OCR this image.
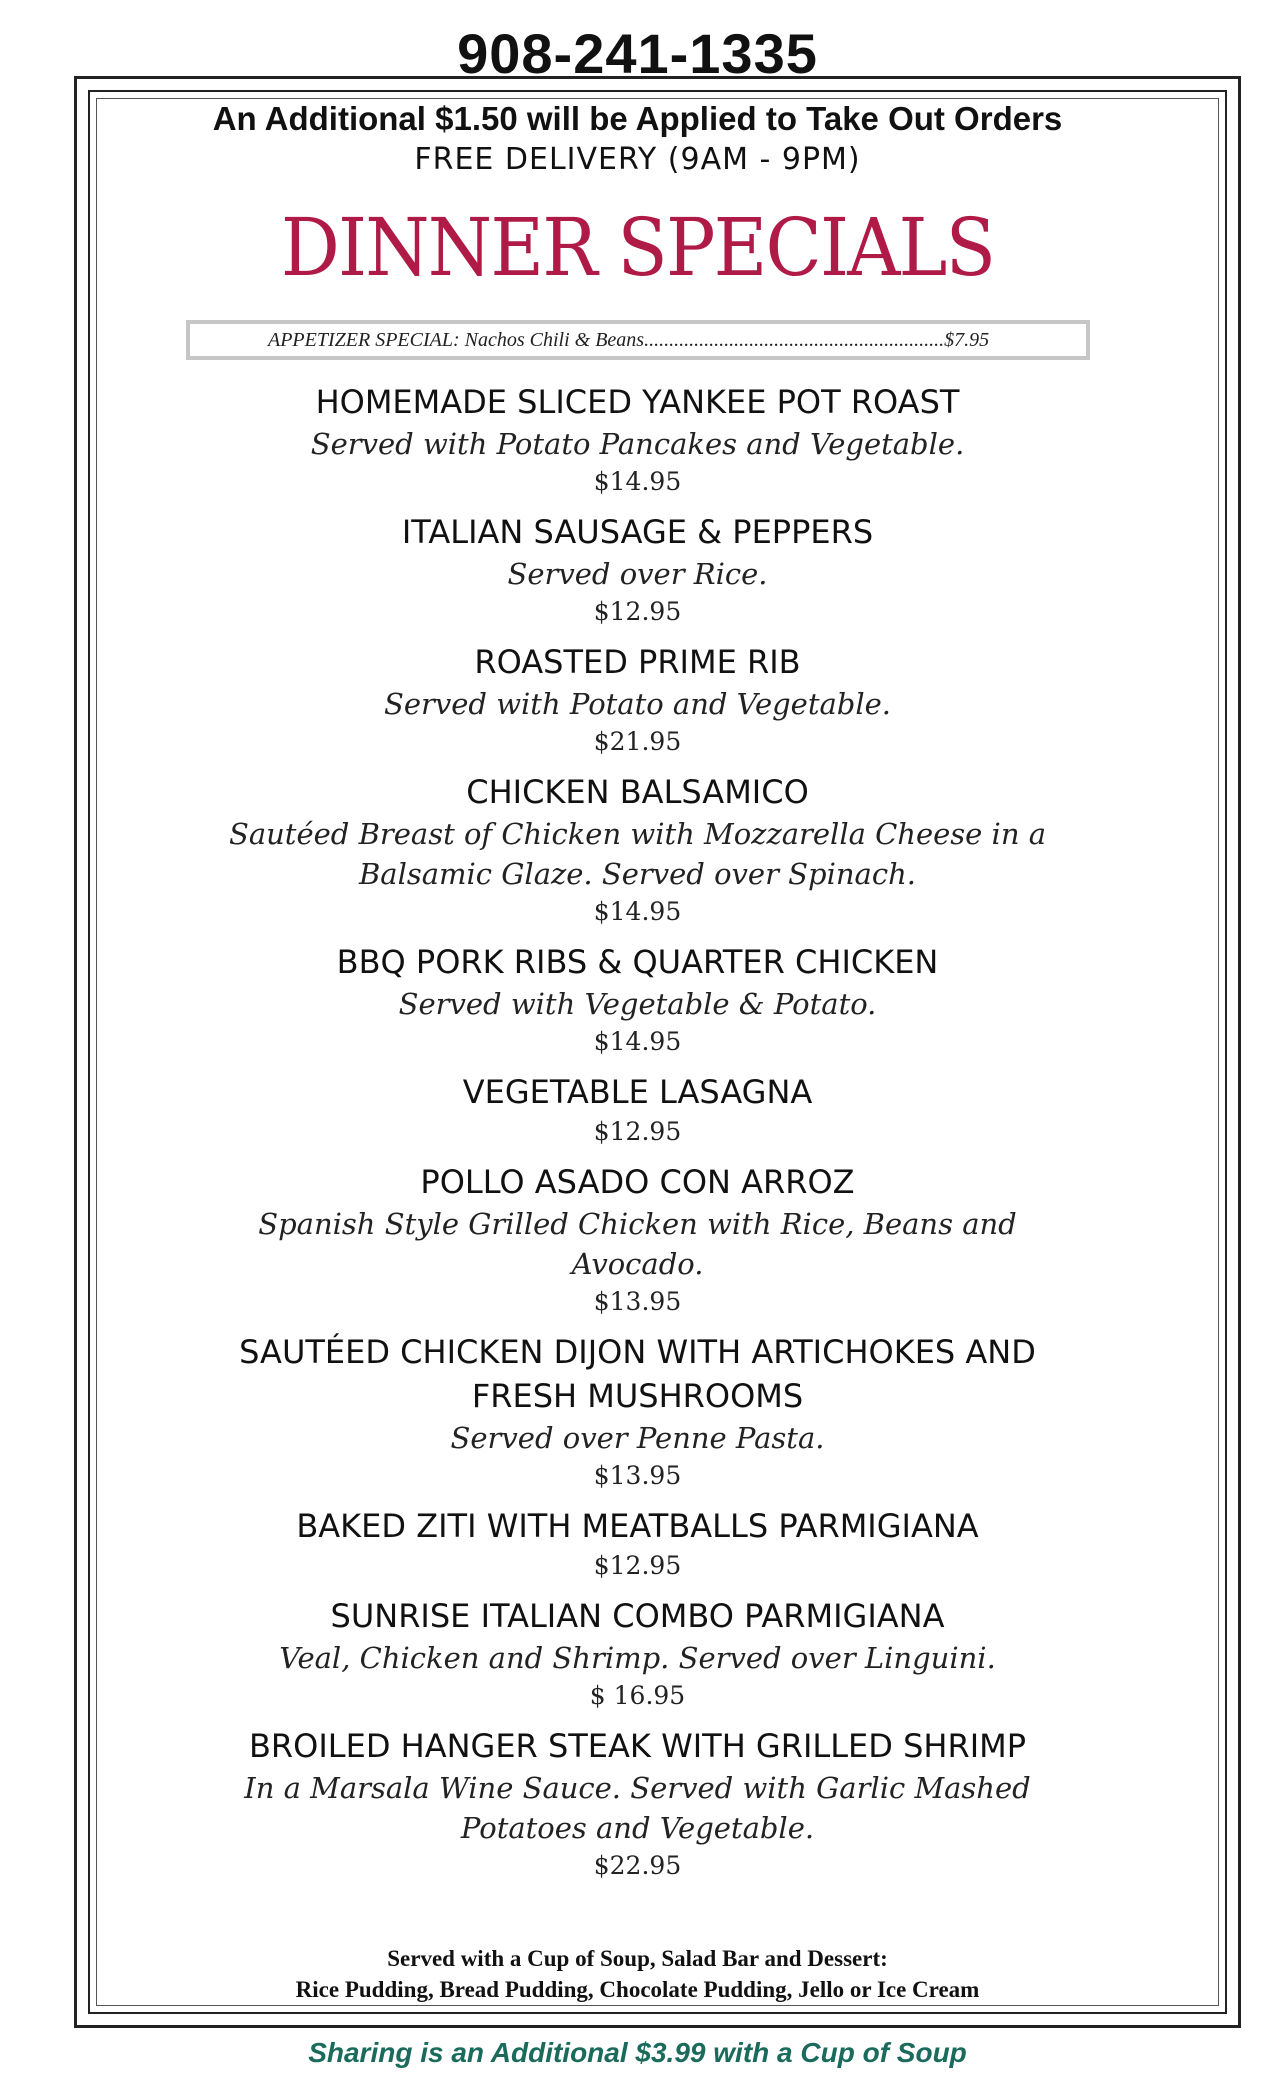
908-241-1335
An Additional $1.50 will be Applied to Take Out Orders
FREE DELIVERY (9AM - 9PM)
DINNER SPECIALS
APPETIZER SPECIAL: Nachos Chili & Beans............................................................$7.95
HOMEMADE SLICED YANKEE POT ROAST
Served with Potato Pancakes and Vegetable.
$14.95
ITALIAN SAUSAGE & PEPPERS
Served over Rice.
$12.95
ROASTED PRIME RIB
Served with Potato and Vegetable.
$21.95
CHICKEN BALSAMICO
Sautéed Breast of Chicken with Mozzarella Cheese in a Balsamic Glaze. Served over Spinach.
$14.95
BBQ PORK RIBS & QUARTER CHICKEN
Served with Vegetable & Potato.
$14.95
VEGETABLE LASAGNA
$12.95
POLLO ASADO CON ARROZ
Spanish Style Grilled Chicken with Rice, Beans and Avocado.
$13.95
SAUTÉED CHICKEN DIJON WITH ARTICHOKES AND FRESH MUSHROOMS
Served over Penne Pasta.
$13.95
BAKED ZITI WITH MEATBALLS PARMIGIANA
$12.95
SUNRISE ITALIAN COMBO PARMIGIANA
Veal, Chicken and Shrimp. Served over Linguini.
$ 16.95
BROILED HANGER STEAK WITH GRILLED SHRIMP
In a Marsala Wine Sauce. Served with Garlic Mashed Potatoes and Vegetable.
$22.95
Served with a Cup of Soup, Salad Bar and Dessert:
Rice Pudding, Bread Pudding, Chocolate Pudding, Jello or Ice Cream
Sharing is an Additional $3.99 with a Cup of Soup
